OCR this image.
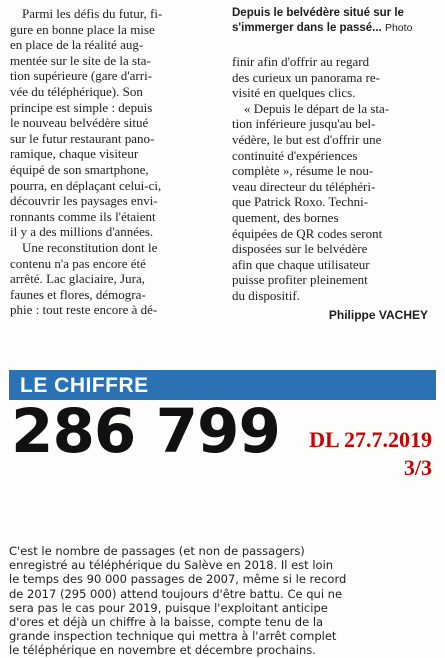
Parmi les défis du futur, fi-
gure en bonne place la mise
en place de la réalité aug-
mentée sur le site de la sta-
tion supérieure (gare d'arri-
vée du téléphérique). Son
principe est simple : depuis
le nouveau belvédère situé
sur le futur restaurant pano-
ramique, chaque visiteur
équipé de son smartphone,
pourra, en déplaçant celui-ci,
découvrir les paysages envi-
ronnants comme ils l'étaient
il y a des millions d'années.

Une reconstitution dont le
contenu n'a pas encore été
arrêté. Lac glaciaire, Jura,
faunes et flores, démogra-
phie : tout reste encore à dé-

Depuis le belvédère situé sur le
s'immerger dans le passé... Photo

finir afin d'offrir au regard
des curieux un panorama re-
visité en quelques clics.

« Depuis le départ de la sta-
tion inférieure jusqu'au bel-
védère, le but est d'offrir une
continuité d'expériences
complète », résume le nou-
veau directeur du téléphéri-
que Patrick Roxo. Techni-
quement, des bornes
équipées de QR codes seront
disposées sur le belvédère
afin que chaque utilisateur
puisse profiter pleinement
du dispositif.

Philippe VACHEY
LE CHIFFRE
286 799 DL 27.7.2019
3/3

C'est le nombre de passages (et non de passagers)
enregistré au téléphérique du Salève en 2018. Il est loin
le temps des 90 000 passages de 2007, même si le record
de 2017 (295 000) attend toujours d'être battu. Ce qui ne
sera pas le cas pour 2019, puisque l'exploitant anticipe
d'ores et déjà un chiffre à la baisse, compte tenu de la
grande inspection technique qui mettra à l'arrêt complet
le téléphérique en novembre et décembre prochains.
